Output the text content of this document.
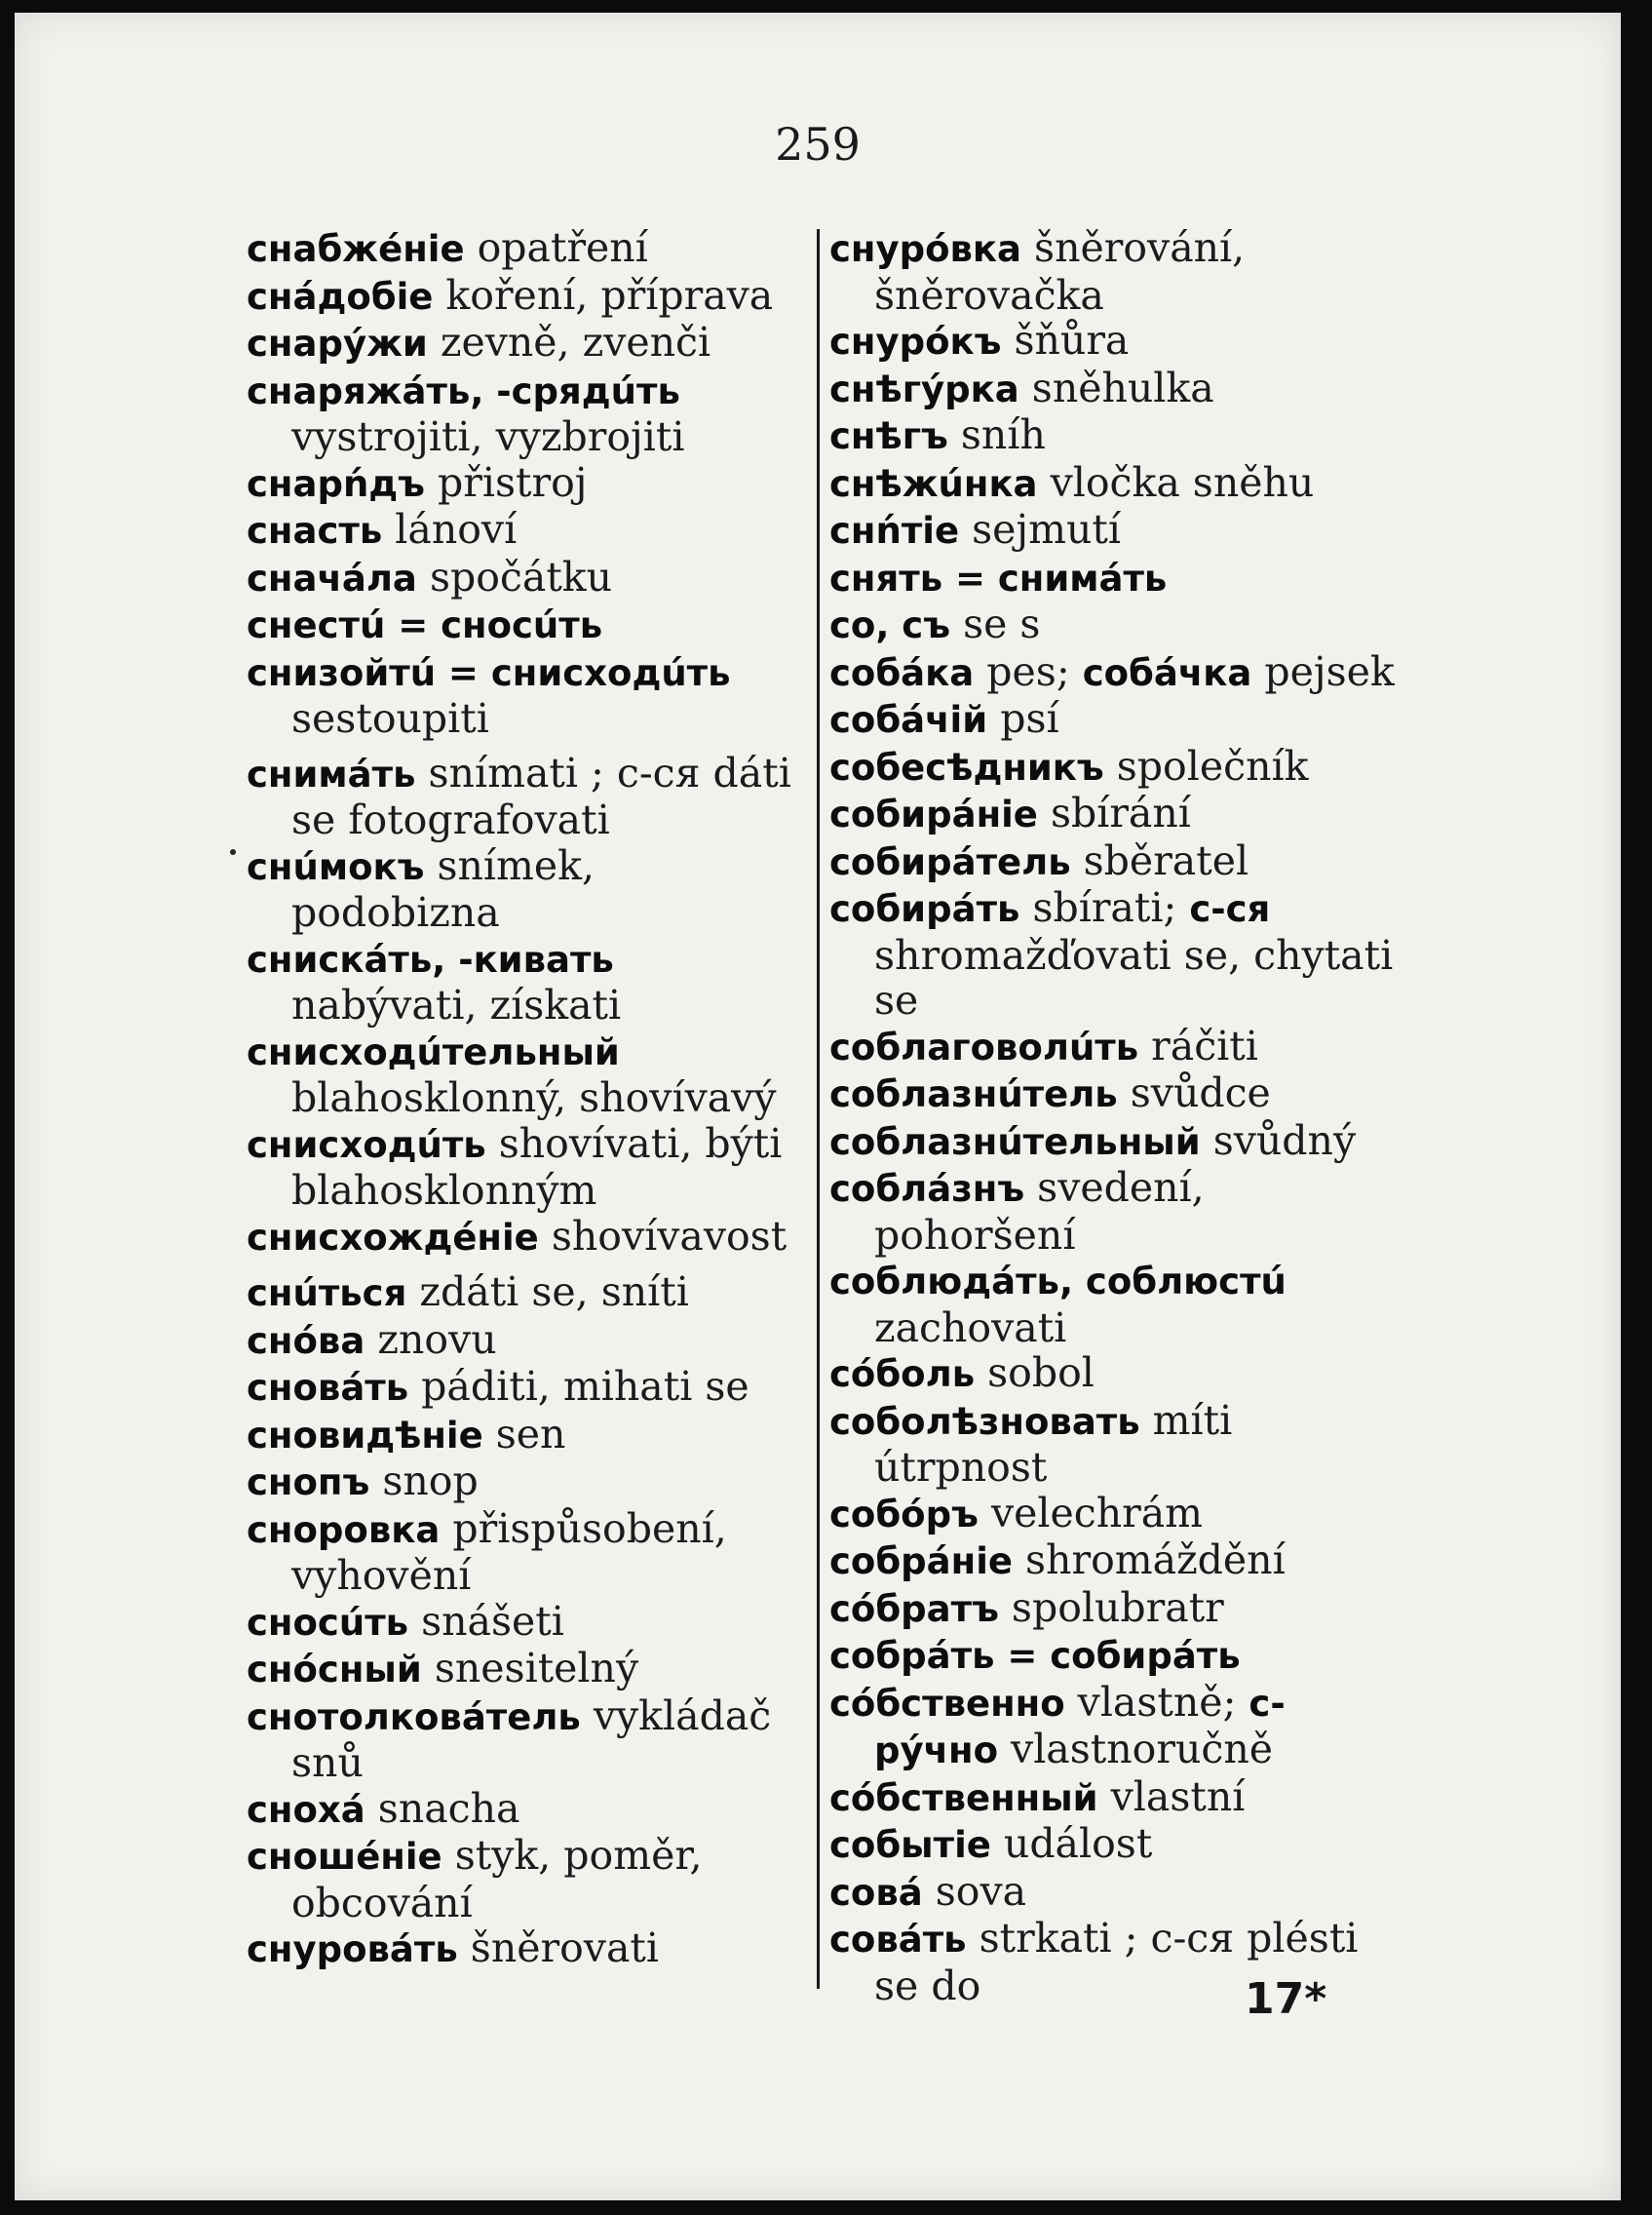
259

снабжéнie opatření

снáдобie koření, příprava

снарýжи zevně, zvenči

снаряжáть, -срядúть vystrojiti, vyzbrojiti

снарńдъ přistroj

снасть lánoví

сначáла spočátku

снестú = сносúть

снизойтú = снисходúть sestoupiti

снимáть snímati ; с-ся dáti se fotografovati

снúмокъ snímek, podobizna

снискáть, -кивать nabývati, získati

снисходúтельный blahosklonný, shovívavý

снисходúть shovívati, býti blahosklonným

снисхождéнie shovívavost

снúться zdáti se, sníti

снóва znovu

сновáть páditi, mihati se

сновидѣнie sen

снопъ snop

сноровка přispůsobení, vyhovění

сносúть snášeti

снóсный snesitelný

снотолковáтель vykládač snů

сноxá snacha

сношéнie styk, poměr, obcování

снуровáть šněrovati

снурóвка šněrování, šněrovačka

снурóкъ šňůra

снѣгýрка sněhulka

снѣгъ sníh

снѣжúнка vločka sněhu

снńтie sejmutí

снять = снимáть

со, съ se s

собáка pes; собáчка pejsek

собáчiй psí

собесѣдникъ společník

собирáнie sbírání

собирáтель sběratel

собирáть sbírati; с-ся shromažďovati se, chytati se

соблаговолúть ráčiti

соблазнúтель svůdce

соблазнúтельный svůdný

соблáзнъ svedení, pohoršení

соблюдáть, соблюстú zachovati

сóболь sobol

соболѣзновать míti útrpnost

собóръ velechrám

собрáнie shromáždění

сóбратъ spolubratr

собрáть = собирáть

сóбственно vlastně; с-рýчно vlastnoručně

сóбственный vlastní

событie událost

совá sova

совáть strkati ; с-ся plésti se do	17*
